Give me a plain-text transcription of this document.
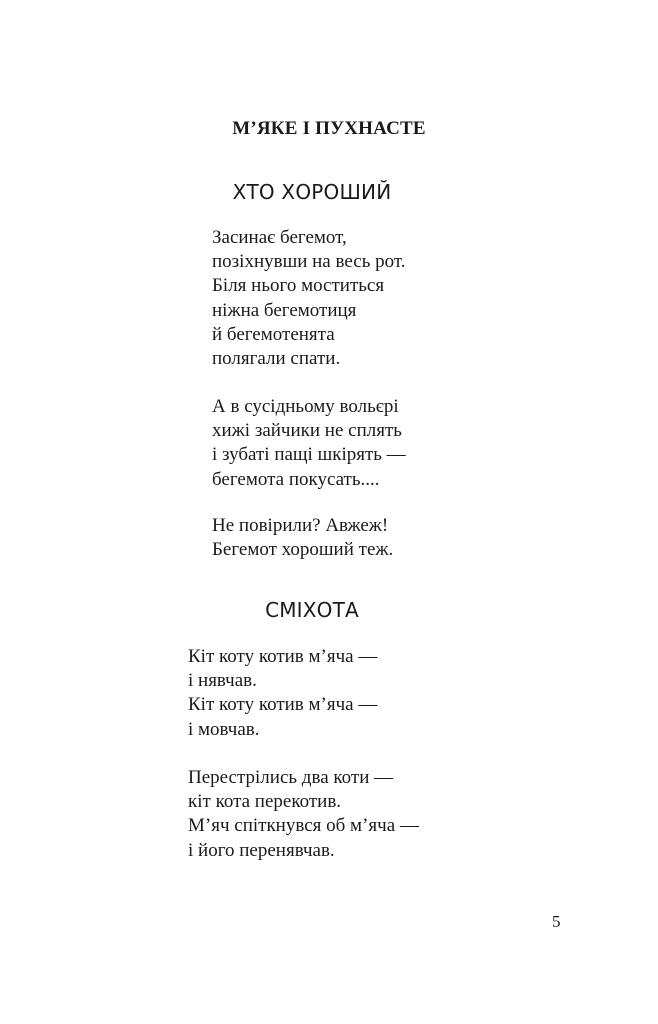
М’ЯКЕ І ПУХНАСТЕ
ХТО ХОРОШИЙ

Засинає бегемот,
позіхнувши на весь рот.
Біля нього моститься
ніжна бегемотиця
й бегемотенята
полягали спати.

А в сусідньому вольєрі
хижі зайчики не сплять
і зубаті пащі шкірять —
бегемота покусать....

Не повірили? Авжеж!
Бегемот хороший теж.

СМІХОТА

Кіт коту котив м’яча —
і нявчав.
Кіт коту котив м’яча —
і мовчав.

Перестрілись два коти —
кіт кота перекотив.
М’яч спіткнувся об м’яча —
і його перенявчав.

5
